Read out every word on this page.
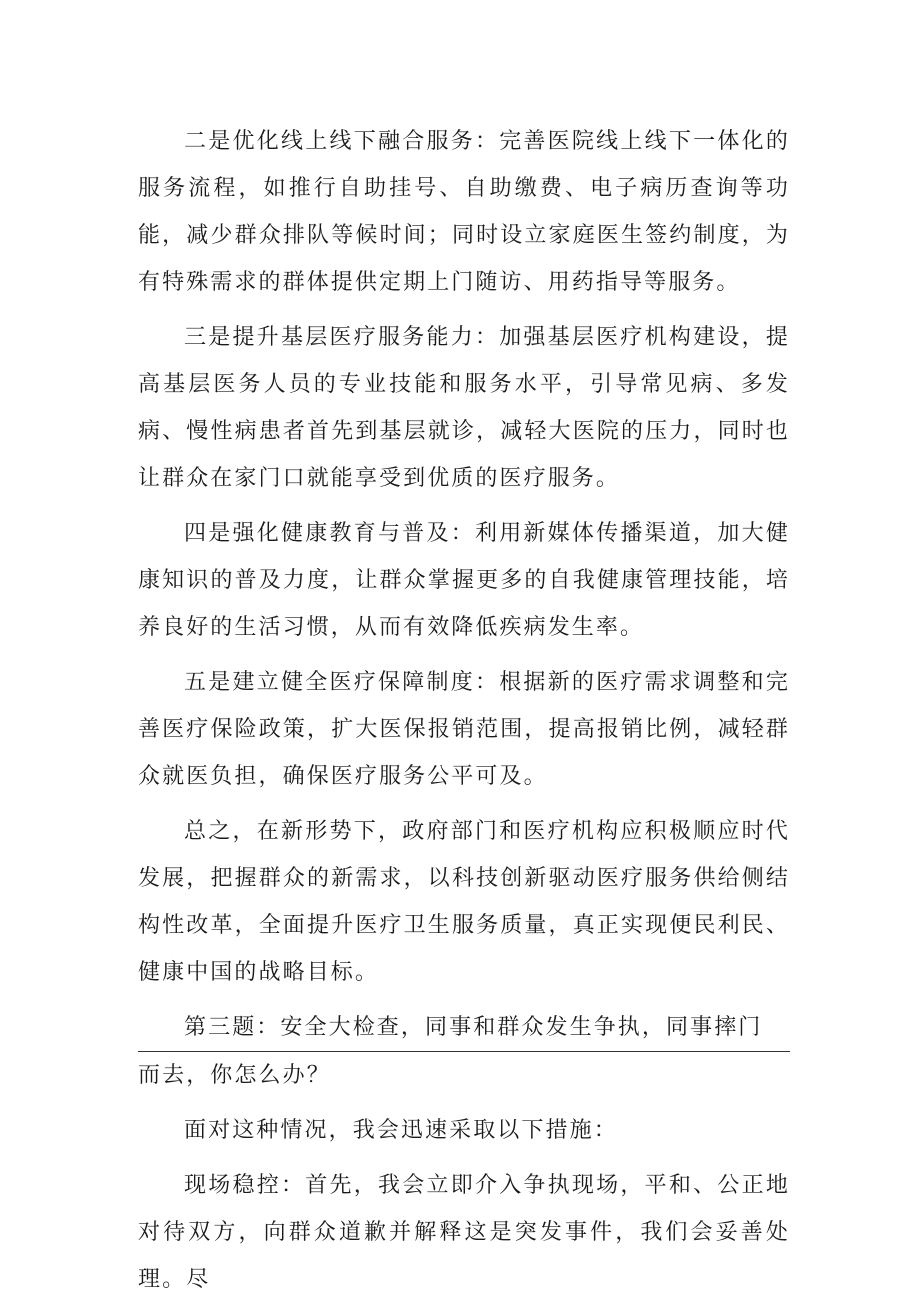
二是优化线上线下融合服务：完善医院线上线下一体化的服务流程，如推行自助挂号、自助缴费、电子病历查询等功能，减少群众排队等候时间；同时设立家庭医生签约制度，为有特殊需求的群体提供定期上门随访、用药指导等服务。

三是提升基层医疗服务能力：加强基层医疗机构建设，提高基层医务人员的专业技能和服务水平，引导常见病、多发病、慢性病患者首先到基层就诊，减轻大医院的压力，同时也让群众在家门口就能享受到优质的医疗服务。

四是强化健康教育与普及：利用新媒体传播渠道，加大健康知识的普及力度，让群众掌握更多的自我健康管理技能，培养良好的生活习惯，从而有效降低疾病发生率。

五是建立健全医疗保障制度：根据新的医疗需求调整和完善医疗保险政策，扩大医保报销范围，提高报销比例，减轻群众就医负担，确保医疗服务公平可及。

总之，在新形势下，政府部门和医疗机构应积极顺应时代发展，把握群众的新需求，以科技创新驱动医疗服务供给侧结构性改革，全面提升医疗卫生服务质量，真正实现便民利民、健康中国的战略目标。

第三题：安全大检查，同事和群众发生争执，同事摔门

而去，你怎么办？

面对这种情况，我会迅速采取以下措施：

现场稳控：首先，我会立即介入争执现场，平和、公正地对待双方，向群众道歉并解释这是突发事件，我们会妥善处理。尽
